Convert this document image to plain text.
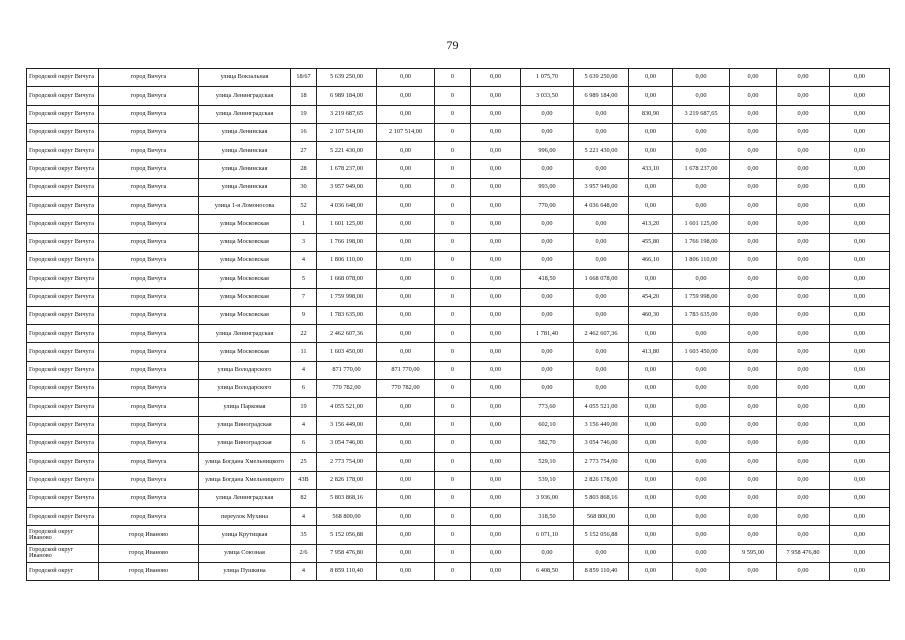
79
Городской округ Вичуга	город Вичуга	улица Вокзальная	18/67	5 639 250,00	0,00	0	0,00	1 075,70	5 639 250,00	0,00	0,00	0,00	0,00	0,00
Городской округ Вичуга	город Вичуга	улица Ленинградская	18	6 989 184,00	0,00	0	0,00	3 033,50	6 989 184,00	0,00	0,00	0,00	0,00	0,00
Городской округ Вичуга	город Вичуга	улица Ленинградская	19	3 219 687,65	0,00	0	0,00	0,00	0,00	830,90	3 219 687,65	0,00	0,00	0,00
Городской округ Вичуга	город Вичуга	улица Ленинская	16	2 107 514,00	2 107 514,00	0	0,00	0,00	0,00	0,00	0,00	0,00	0,00	0,00
Городской округ Вичуга	город Вичуга	улица Ленинская	27	5 221 430,00	0,00	0	0,00	996,00	5 221 430,00	0,00	0,00	0,00	0,00	0,00
Городской округ Вичуга	город Вичуга	улица Ленинская	28	1 678 237,00	0,00	0	0,00	0,00	0,00	433,10	1 678 237,00	0,00	0,00	0,00
Городской округ Вичуга	город Вичуга	улица Ленинская	30	3 957 949,00	0,00	0	0,00	993,00	3 957 949,00	0,00	0,00	0,00	0,00	0,00
Городской округ Вичуга	город Вичуга	улица 1-я Ломоносова	52	4 036 648,00	0,00	0	0,00	770,00	4 036 648,00	0,00	0,00	0,00	0,00	0,00
Городской округ Вичуга	город Вичуга	улица Московская	1	1 601 125,00	0,00	0	0,00	0,00	0,00	413,20	1 601 125,00	0,00	0,00	0,00
Городской округ Вичуга	город Вичуга	улица Московская	3	1 766 198,00	0,00	0	0,00	0,00	0,00	455,80	1 766 198,00	0,00	0,00	0,00
Городской округ Вичуга	город Вичуга	улица Московская	4	1 806 110,00	0,00	0	0,00	0,00	0,00	466,10	1 806 110,00	0,00	0,00	0,00
Городской округ Вичуга	город Вичуга	улица Московская	5	1 668 078,00	0,00	0	0,00	418,50	1 668 078,00	0,00	0,00	0,00	0,00	0,00
Городской округ Вичуга	город Вичуга	улица Московская	7	1 759 998,00	0,00	0	0,00	0,00	0,00	454,20	1 759 998,00	0,00	0,00	0,00
Городской округ Вичуга	город Вичуга	улица Московская	9	1 783 635,00	0,00	0	0,00	0,00	0,00	460,30	1 783 635,00	0,00	0,00	0,00
Городской округ Вичуга	город Вичуга	улица Ленинградская	22	2 462 607,36	0,00	0	0,00	1 781,40	2 462 607,36	0,00	0,00	0,00	0,00	0,00
Городской округ Вичуга	город Вичуга	улица Московская	11	1 603 450,00	0,00	0	0,00	0,00	0,00	413,80	1 603 450,00	0,00	0,00	0,00
Городской округ Вичуга	город Вичуга	улица Володарского	4	871 770,00	871 770,00	0	0,00	0,00	0,00	0,00	0,00	0,00	0,00	0,00
Городской округ Вичуга	город Вичуга	улица Володарского	6	770 782,00	770 782,00	0	0,00	0,00	0,00	0,00	0,00	0,00	0,00	0,00
Городской округ Вичуга	город Вичуга	улица Парковая	19	4 055 521,00	0,00	0	0,00	773,60	4 055 521,00	0,00	0,00	0,00	0,00	0,00
Городской округ Вичуга	город Вичуга	улица Виноградская	4	3 156 449,00	0,00	0	0,00	602,10	3 156 449,00	0,00	0,00	0,00	0,00	0,00
Городской округ Вичуга	город Вичуга	улица Виноградская	6	3 054 746,00	0,00	0	0,00	582,70	3 054 746,00	0,00	0,00	0,00	0,00	0,00
Городской округ Вичуга	город Вичуга	улица Богдана Хмельницкого	25	2 773 754,00	0,00	0	0,00	529,10	2 773 754,00	0,00	0,00	0,00	0,00	0,00
Городской округ Вичуга	город Вичуга	улица Богдана Хмельницкого	43В	2 826 178,00	0,00	0	0,00	539,10	2 826 178,00	0,00	0,00	0,00	0,00	0,00
Городской округ Вичуга	город Вичуга	улица Ленинградская	82	5 803 868,16	0,00	0	0,00	3 936,00	5 803 868,16	0,00	0,00	0,00	0,00	0,00
Городской округ Вичуга	город Вичуга	переулок Мухина	4	568 800,00	0,00	0	0,00	318,50	568 800,00	0,00	0,00	0,00	0,00	0,00
Городской округ Иваново	город Иваново	улица Крутицкая	35	5 152 056,88	0,00	0	0,00	6 071,10	5 152 056,88	0,00	0,00	0,00	0,00	0,00
Городской округ Иваново	город Иваново	улица Союзная	2/6	7 958 476,80	0,00	0	0,00	0,00	0,00	0,00	0,00	9 595,00	7 958 476,80	0,00
Городской округ	город Иваново	улица Пушкина	4	8 859 110,40	0,00	0	0,00	6 408,50	8 859 110,40	0,00	0,00	0,00	0,00	0,00
